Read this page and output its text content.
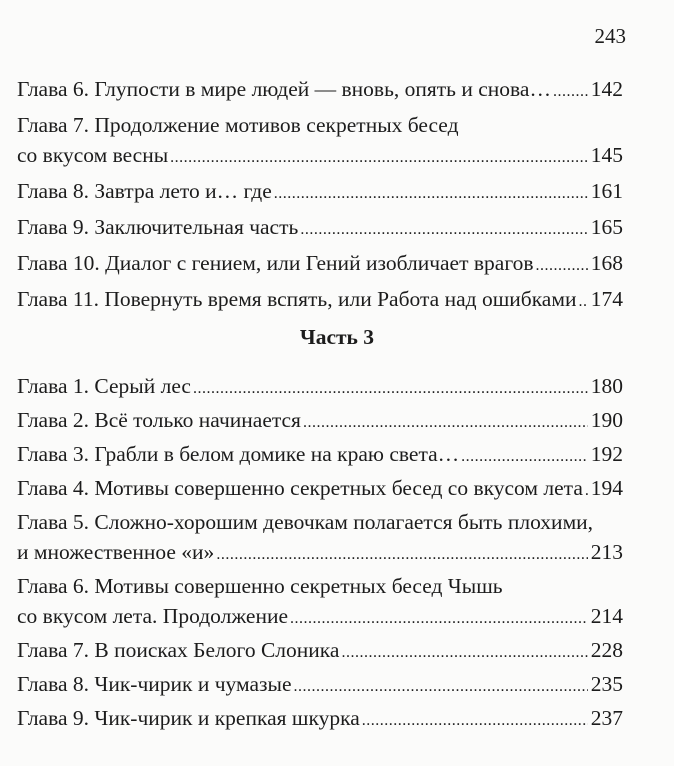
243
Глава 6. Глупости в мире людей — вновь, опять и снова… ..... 142
Глава 7. Продолжение мотивов секретных бесед
со вкусом весны .....	145
Глава 8. Завтра лето и… где .....	161
Глава 9. Заключительная часть .....	165
Глава 10. Диалог с гением, или Гений изобличает врагов .....	168
Глава 11. Повернуть время вспять, или Работа над ошибками ..... 174
Часть 3
Глава 1. Серый лес .....	180
Глава 2. Всё только начинается .....	190
Глава 3. Грабли в белом домике на краю света… .....	192
Глава 4. Мотивы совершенно секретных бесед со вкусом лета ..... 194
Глава 5. Сложно-хорошим девочкам полагается быть плохими,
и множественное «и» .....	213
Глава 6. Мотивы совершенно секретных бесед Чышь
со вкусом лета. Продолжение .....	214
Глава 7. В поисках Белого Слоника .....	228
Глава 8. Чик-чирик и чумазые .....	235
Глава 9. Чик-чирик и крепкая шкурка .....	237
